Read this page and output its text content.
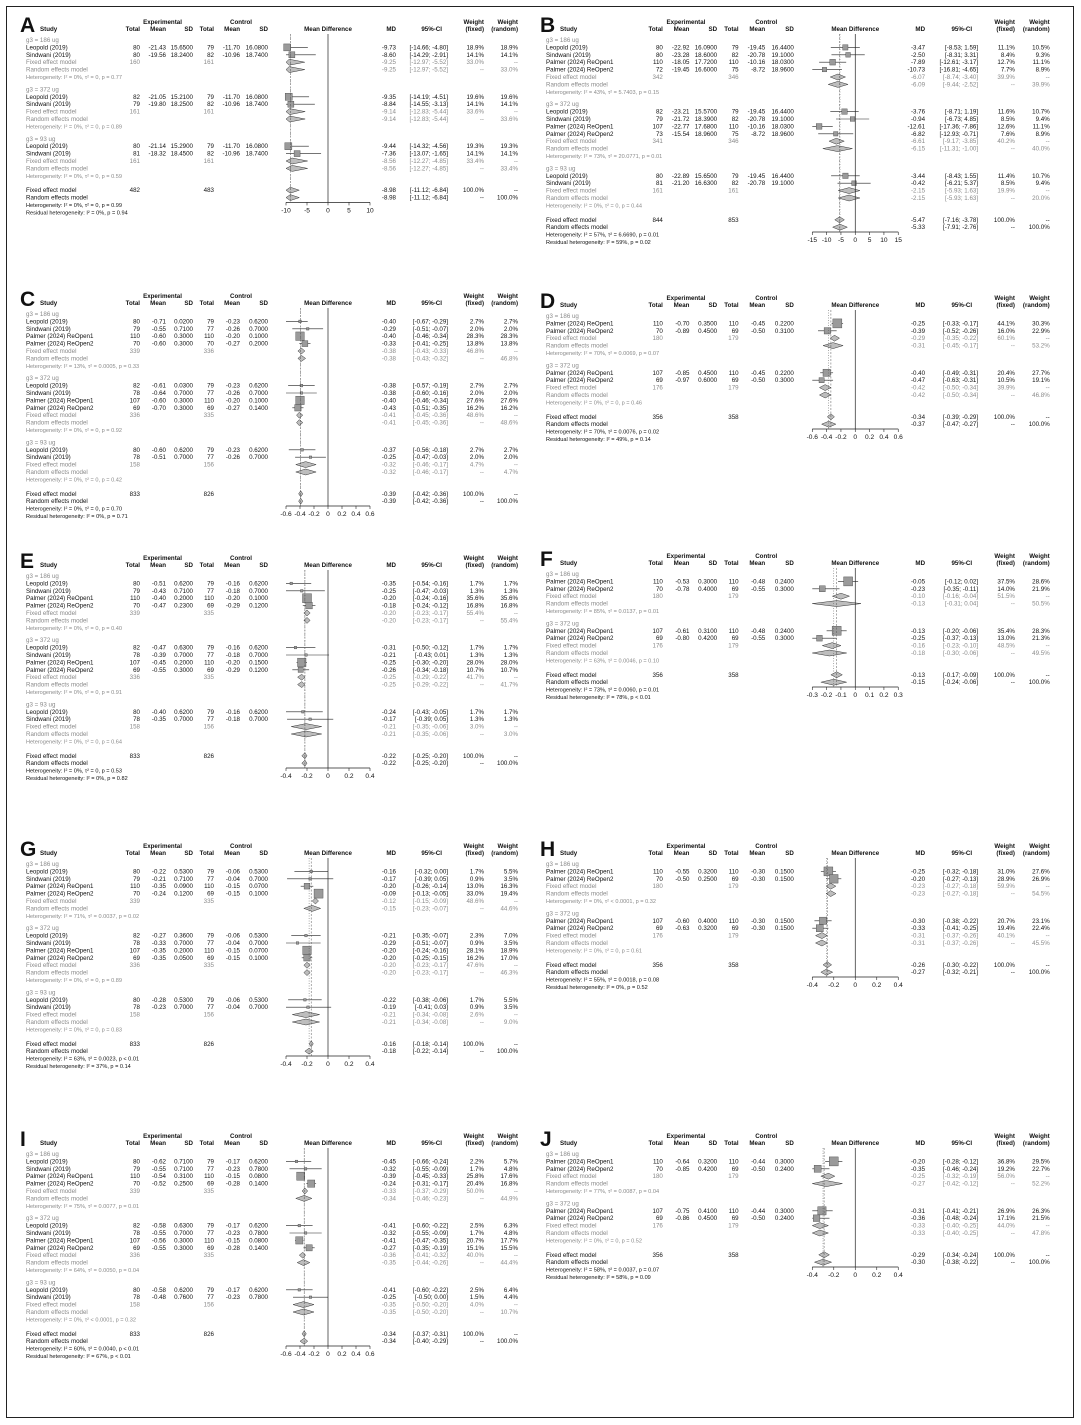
A	Experimental	Control
Study	Total Mean	SD Total Mean	SD	Mean Difference	MD	95%-CI
Weight
(fixed)
Weight
(random)
g3 = 186 ug
Leopold (2019)	80 -21.43 15.6500 79 -11.70 16.0800	-9.73 [-14.66; -4.80]	18.9%	18.9%
Sindwani (2019)	80 -19.56 18.2400 82 -10.96 18.7400	-8.60 [-14.29; -2.91]	14.1%	14.1%
Fixed effect model	160	161	-9.25 [-12.97; -5.52]	33.0%	--
Random effects model	-9.25 [-12.97; -5.52]	--	33.0%
Heterogeneity: I² = 0%, τ² = 0, p = 0.77
g3 = 372 ug
Leopold (2019)	82 -21.05 15.2100 79 -11.70 16.0800	-9.35 [-14.19; -4.51]	19.6%	19.6%
Sindwani (2019)	79 -19.80 18.2500 82 -10.96 18.7400	-8.84 [-14.55; -3.13]	14.1%	14.1%
Fixed effect model	161	161	-9.14 [-12.83; -5.44]	33.6%	--
Random effects model	-9.14 [-12.83; -5.44]	--	33.6%
Heterogeneity: I² = 0%, τ² = 0, p = 0.89
g3 = 93 ug
Leopold (2019)	80 -21.14 15.2900 79 -11.70 16.0800	-9.44 [-14.32; -4.56]	19.3%	19.3%
Sindwani (2019)	81 -18.32 18.4500 82 -10.96 18.7400	-7.36 [-13.07; -1.65]	14.1%	14.1%
Fixed effect model	161	161	-8.56 [-12.27; -4.85]	33.4%	--
Random effects model	-8.56 [-12.27; -4.85]	--	33.4%
Heterogeneity: I² = 0%, τ² = 0, p = 0.59
Fixed effect model	482	483	-8.98 [-11.12; -6.84] 100.0%	--
Random effects model	-8.98 [-11.12; -6.84]	-- 100.0%
Heterogeneity: I² = 0%, τ² = 0, p = 0.99
Residual heterogeneity: I² = 0%, p = 0.94	-10 -5 0	5 10
B	Experimental	Control
Study	Total Mean	SD Total Mean	SD	Mean Difference	MD	95%-CI
Weight
(fixed)
Weight
(random)
g3 = 186 ug
Leopold (2019)	80 -22.92 16.0900 79 -19.45 16.4400	-3.47	[-8.53; 1.59]	11.1%	10.5%
Sindwani (2019)	80 -23.28 18.6000 82 -20.78 19.1000	-2.50	[-8.31; 3.31]	8.4%	9.3%
Palmer (2024) ReOpen1	110 -18.05 17.7200 110 -10.16 18.0300	-7.89 [-12.61; -3.17]	12.7%	11.1%
Palmer (2024) ReOpen2	72 -19.45 16.6000 75 -8.72 18.9600	-10.73 [-16.81; -4.65]	7.7%	8.9%
Fixed effect model	342	346	-6.07	[-8.74; -3.40]	39.9%	--
Random effects model	-6.09	[-9.44; -2.52]	--	39.9%
Heterogeneity: I² = 43%, τ² = 5.7403, p = 0.15
g3 = 372 ug
Leopold (2019)	82 -23.21 15.5700 79 -19.45 16.4400	-3.76	[-8.71; 1.19]	11.6%	10.7%
Sindwani (2019)	79 -21.72 18.3900 82 -20.78 19.1000	-0.94	[-6.73; 4.85]	8.5%	9.4%
Palmer (2024) ReOpen1	107 -22.77 17.6800 110 -10.16 18.0300	-12.61 [-17.36; -7.86]	12.6%	11.1%
Palmer (2024) ReOpen2	73 -15.54 18.9600 75 -8.72 18.9600	-6.82 [-12.93; -0.71]	7.6%	8.9%
Fixed effect model	341	346	-6.61	[-9.17; -3.85]	40.2%	--
Random effects model	-6.15 [-11.31; -1.00]	--	40.0%
Heterogeneity: I² = 73%, τ² = 20.0771, p = 0.01
g3 = 93 ug
Leopold (2019)	80 -22.89 15.6500 79 -19.45 16.4400	-3.44	[-8.43; 1.55]	11.4%	10.7%
Sindwani (2019)	81 -21.20 16.6300 82 -20.78 19.1000	-0.42	[-6.21; 5.37]	8.5%	9.4%
Fixed effect model	161	161	-2.15	[-5.93; 1.63]	19.9%	--
Random effects model	-2.15	[-5.93; 1.63]	--	20.0%
Heterogeneity: I² = 0%, τ² = 0, p = 0.44
Fixed effect model	844	853	-5.47	[-7.16; -3.78]	100.0%	--
Random effects model	-5.33	[-7.91; -2.76]	-- 100.0%
Heterogeneity: I² = 57%, τ² = 6.6690, p = 0.01
Residual heterogeneity: I² = 59%, p = 0.02	-15 -10 -5 0 5 10 15
C	Experimental	Control
Study	Total Mean	SD Total Mean	SD	Mean Difference	MD	95%-CI
Weight
(fixed)
Weight
(random)
g3 = 186 ug
Leopold (2019)	80 -0.71 0.0200 79 -0.23 0.6200	-0.40	[-0.67; -0.29]	2.7%	2.7%
Sindwani (2019)	79 -0.55 0.7100 77 -0.26 0.7000	-0.29	[-0.51; -0.07]	2.0%	2.0%
Palmer (2024) ReOpen1	110 -0.60 0.3000 110 -0.20 0.1000	-0.40	[-0.46; -0.34]	28.3%	28.3%
Palmer (2024) ReOpen2	70 -0.60 0.3000 70 -0.27 0.2000	-0.33	[-0.41; -0.25]	13.8%	13.8%
Fixed effect model	339	336	-0.38	[-0.43; -0.33]	46.8%	--
Random effects model	-0.38	[-0.43; -0.32]	--	46.8%
Heterogeneity: I² = 13%, τ² = 0.0005, p = 0.33
g3 = 372 ug
Leopold (2019)	82 -0.61 0.0300 79 -0.23 0.6200	-0.38	[-0.57; -0.19]	2.7%	2.7%
Sindwani (2019)	78 -0.64 0.7000 77 -0.26 0.7000	-0.38	[-0.60; -0.16]	2.0%	2.0%
Palmer (2024) ReOpen1	107 -0.60 0.3000 110 -0.20 0.1000	-0.40	[-0.46; -0.34]	27.6%	27.6%
Palmer (2024) ReOpen2	69 -0.70 0.3000 69 -0.27 0.1400	-0.43	[-0.51; -0.35]	16.2%	16.2%
Fixed effect model	336	335	-0.41	[-0.45; -0.36]	48.6%	--
Random effects model	-0.41	[-0.45; -0.36]	--	48.6%
Heterogeneity: I² = 0%, τ² = 0, p = 0.92
g3 = 93 ug
Leopold (2019)	80 -0.60 0.6200 79 -0.23 0.6200	-0.37	[-0.56; -0.18]	2.7%	2.7%
Sindwani (2019)	78 -0.51 0.7000 77 -0.26 0.7000	-0.25	[-0.47; -0.03]	2.0%	2.0%
Fixed effect model	158	156	-0.32	[-0.46; -0.17]	4.7%	--
Random effects model	-0.32	[-0.46; -0.17]	--	4.7%
Heterogeneity: I² = 0%, τ² = 0, p = 0.42
Fixed effect model	833	826	-0.39	[-0.42; -0.36] 100.0%	--
Random effects model	-0.39	[-0.42; -0.36]	-- 100.0%
Heterogeneity: I² = 0%, τ² = 0, p = 0.70
Residual heterogeneity: I² = 0%, p = 0.71	-0.6 -0.4 -0.2 0 0.2 0.4 0.6
D	Experimental	Control
Study	Total Mean	SD Total Mean	SD	Mean Difference	MD	95%-CI
Weight
(fixed)
Weight
(random)
g3 = 186 ug
Palmer (2024) ReOpen1	110 -0.70 0.3500 110 -0.45 0.2200	-0.25	[-0.33; -0.17]	44.1%	30.3%
Palmer (2024) ReOpen2	70 -0.89 0.4500 69 -0.50 0.3100	-0.39	[-0.52; -0.26]	16.0%	22.9%
Fixed effect model	180	179	-0.29	[-0.35; -0.22]	60.1%	--
Random effects model	-0.31	[-0.45; -0.17]	--	53.2%
Heterogeneity: I² = 70%, τ² = 0.0069, p = 0.07
g3 = 372 ug
Palmer (2024) ReOpen1	107 -0.85 0.4500 110 -0.45 0.2200	-0.40	[-0.49; -0.31]	20.4%	27.7%
Palmer (2024) ReOpen2	69 -0.97 0.6000 69 -0.50 0.3000	-0.47	[-0.63; -0.31]	10.5%	19.1%
Fixed effect model	176	179	-0.42	[-0.50; -0.34]	39.9%	--
Random effects model	-0.42	[-0.50; -0.34]	--	46.8%
Heterogeneity: I² = 0%, τ² = 0, p = 0.46
Fixed effect model	356	358	-0.34	[-0.39; -0.29]	100.0%	--
Random effects model	-0.37	[-0.47; -0.27]	-- 100.0%
Heterogeneity: I² = 70%, τ² = 0.0076, p = 0.02
Residual heterogeneity: I² = 49%, p = 0.14	-0.6 -0.4 -0.2 0 0.2 0.4 0.6
E	Experimental	Control
Study	Total Mean	SD Total Mean	SD	Mean Difference	MD	95%-CI
Weight
(fixed)
Weight
(random)
g3 = 186 ug
Leopold (2019)	80 -0.51 0.6200 79 -0.16 0.6200	-0.35	[-0.54; -0.16]	1.7%	1.7%
Sindwani (2019)	79 -0.43 0.7100 77 -0.18 0.7000	-0.25	[-0.47; -0.03]	1.3%	1.3%
Palmer (2024) ReOpen1	110 -0.40 0.2000 110 -0.20 0.1000	-0.20	[-0.24; -0.16]	35.6%	35.6%
Palmer (2024) ReOpen2	70 -0.47 0.2300 69 -0.29 0.1200	-0.18	[-0.24; -0.12]	16.8%	16.8%
Fixed effect model	339	335	-0.20	[-0.23; -0.17]	55.4%	--
Random effects model	-0.20	[-0.23; -0.17]	--	55.4%
Heterogeneity: I² = 0%, τ² = 0, p = 0.40
g3 = 372 ug
Leopold (2019)	82 -0.47 0.6300 79 -0.16 0.6200	-0.31	[-0.50; -0.12]	1.7%	1.7%
Sindwani (2019)	78 -0.39 0.7000 77 -0.18 0.7000	-0.21	[-0.43; 0.01]	1.3%	1.3%
Palmer (2024) ReOpen1	107 -0.45 0.2000 110 -0.20 0.1500	-0.25	[-0.30; -0.20]	28.0%	28.0%
Palmer (2024) ReOpen2	69 -0.55 0.3000 69 -0.29 0.1200	-0.26	[-0.34; -0.18]	10.7%	10.7%
Fixed effect model	336	335	-0.25	[-0.29; -0.22]	41.7%	--
Random effects model	-0.25	[-0.29; -0.22]	--	41.7%
Heterogeneity: I² = 0%, τ² = 0, p = 0.91
g3 = 93 ug
Leopold (2019)	80 -0.40 0.6200 79 -0.16 0.6200	-0.24	[-0.43; -0.05]	1.7%	1.7%
Sindwani (2019)	78 -0.35 0.7000 77 -0.18 0.7000	-0.17	[-0.39; 0.05]	1.3%	1.3%
Fixed effect model	158	156	-0.21	[-0.35; -0.06]	3.0%	--
Random effects model	-0.21	[-0.35; -0.06]	--	3.0%
Heterogeneity: I² = 0%, τ² = 0, p = 0.64
Fixed effect model	833	826	-0.22	[-0.25; -0.20] 100.0%	--
Random effects model	-0.22	[-0.25; -0.20]	-- 100.0%
Heterogeneity: I² = 0%, τ² = 0, p = 0.53
Residual heterogeneity: I² = 0%, p = 0.82	-0.4 -0.2 0 0.2 0.4
F	Experimental	Control
Study	Total Mean	SD Total Mean	SD	Mean Difference	MD	95%-CI
Weight
(fixed)
Weight
(random)
g3 = 186 ug
Palmer (2024) ReOpen1	110 -0.53 0.3000 110 -0.48 0.2400	-0.05	[-0.12; 0.02]	37.5%	28.6%
Palmer (2024) ReOpen2	70 -0.78 0.4000 69 -0.55 0.3000	-0.23	[-0.35; -0.11]	14.0%	21.9%
Fixed effect model	180	179	-0.10	[-0.16; -0.04]	51.5%	--
Random effects model	-0.13	[-0.31; 0.04]	--	50.5%
Heterogeneity: I² = 85%, τ² = 0.0137, p = 0.01
g3 = 372 ug
Palmer (2024) ReOpen1	107 -0.61 0.3100 110 -0.48 0.2400	-0.13	[-0.20; -0.06]	35.4%	28.3%
Palmer (2024) ReOpen2	69 -0.80 0.4200 69 -0.55 0.3000	-0.25	[-0.37; -0.13]	13.0%	21.3%
Fixed effect model	176	179	-0.16	[-0.23; -0.10]	48.5%	--
Random effects model	-0.18	[-0.30; -0.06]	--	49.5%
Heterogeneity: I² = 63%, τ² = 0.0046, p = 0.10
Fixed effect model	356	358	-0.13	[-0.17; -0.09]	100.0%	--
Random effects model	-0.15	[-0.24; -0.06]	-- 100.0%
Heterogeneity: I² = 73%, τ² = 0.0060, p = 0.01
Residual heterogeneity: I² = 78%, p < 0.01	-0.3 -0.2 -0.1 0 0.1 0.2 0.3
G	Experimental	Control
Study	Total Mean	SD Total Mean	SD	Mean Difference	MD	95%-CI
Weight
(fixed)
Weight
(random)
g3 = 186 ug
Leopold (2019)	80 -0.22 0.5300 79 -0.06 0.5300	-0.16	[-0.32; 0.00]	1.7%	5.5%
Sindwani (2019)	79 -0.21 0.7100 77 -0.04 0.7000	-0.17	[-0.39; 0.05]	0.9%	3.5%
Palmer (2024) ReOpen1	110 -0.35 0.0900 110 -0.15 0.0700	-0.20	[-0.26; -0.14]	13.0%	16.3%
Palmer (2024) ReOpen2	70 -0.24 0.1200 69 -0.15 0.1000	-0.09	[-0.13; -0.05]	33.0%	19.4%
Fixed effect model	339	335	-0.12	[-0.15; -0.09]	48.6%	--
Random effects model	-0.15	[-0.23; -0.07]	--	44.6%
Heterogeneity: I² = 71%, τ² = 0.0037, p = 0.02
g3 = 372 ug
Leopold (2019)	82 -0.27 0.3600 79 -0.06 0.5300	-0.21	[-0.35; -0.07]	2.3%	7.0%
Sindwani (2019)	78 -0.33 0.7000 77 -0.04 0.7000	-0.29	[-0.51; -0.07]	0.9%	3.5%
Palmer (2024) ReOpen1	107 -0.35 0.2000 110 -0.15 0.0700	-0.20	[-0.24; -0.16]	28.1%	18.9%
Palmer (2024) ReOpen2	69 -0.35 0.0500 69 -0.15 0.1000	-0.20	[-0.25; -0.15]	16.2%	17.0%
Fixed effect model	336	335	-0.20	[-0.23; -0.17]	47.6%	--
Random effects model	-0.20	[-0.23; -0.17]	--	46.3%
Heterogeneity: I² = 0%, τ² = 0, p = 0.89
g3 = 93 ug
Leopold (2019)	80 -0.28 0.5300 79 -0.06 0.5300	-0.22	[-0.38; -0.06]	1.7%	5.5%
Sindwani (2019)	78 -0.23 0.7000 77 -0.04 0.7000	-0.19	[-0.41; 0.03]	0.9%	3.5%
Fixed effect model	158	156	-0.21	[-0.34; -0.08]	2.6%	--
Random effects model	-0.21	[-0.34; -0.08]	--	9.0%
Heterogeneity: I² = 0%, τ² = 0, p = 0.83
Fixed effect model	833	826	-0.16	[-0.18; -0.14] 100.0%	--
Random effects model	-0.18	[-0.22; -0.14]	-- 100.0%
Heterogeneity: I² = 63%, τ² = 0.0023, p < 0.01
Residual heterogeneity: I² = 37%, p = 0.14	-0.4 -0.2 0 0.2 0.4
H	Experimental	Control
Study	Total Mean	SD Total Mean	SD	Mean Difference	MD	95%-CI
Weight
(fixed)
Weight
(random)
g3 = 186 ug
Palmer (2024) ReOpen1	110 -0.55 0.3200 110 -0.30 0.1500	-0.25	[-0.32; -0.18]	31.0%	27.6%
Palmer (2024) ReOpen2	70 -0.50 0.2500 69 -0.30 0.1500	-0.20	[-0.27; -0.13]	28.9%	26.9%
Fixed effect model	180	179	-0.23	[-0.27; -0.18]	59.9%	--
Random effects model	-0.23	[-0.27; -0.18]	--	54.5%
Heterogeneity: I² = 0%, τ² < 0.0001, p = 0.32
g3 = 372 ug
Palmer (2024) ReOpen1	107 -0.60 0.4000 110 -0.30 0.1500	-0.30	[-0.38; -0.22]	20.7%	23.1%
Palmer (2024) ReOpen2	69 -0.63 0.3200 69 -0.30 0.1500	-0.33	[-0.41; -0.25]	19.4%	22.4%
Fixed effect model	176	179	-0.31	[-0.37; -0.26]	40.1%	--
Random effects model	-0.31	[-0.37; -0.26]	--	45.5%
Heterogeneity: I² = 0%, τ² = 0, p = 0.61
Fixed effect model	356	358	-0.26	[-0.30; -0.22]	100.0%	--
Random effects model	-0.27	[-0.32; -0.21]	-- 100.0%
Heterogeneity: I² = 55%, τ² = 0.0018, p = 0.08
Residual heterogeneity: I² = 0%, p = 0.52	-0.4 -0.2 0 0.2 0.4
I	Experimental	Control
Study	Total Mean	SD Total Mean	SD	Mean Difference	MD	95%-CI
Weight
(fixed)
Weight
(random)
g3 = 186 ug
Leopold (2019)	80 -0.62 0.7100 79 -0.17 0.6200	-0.45	[-0.66; -0.24]	2.2%	5.7%
Sindwani (2019)	79 -0.55 0.7100 77 -0.23 0.7800	-0.32	[-0.55; -0.09]	1.7%	4.8%
Palmer (2024) ReOpen1	110 -0.54 0.3100 110 -0.15 0.0800	-0.39	[-0.45; -0.33]	25.8%	17.6%
Palmer (2024) ReOpen2	70 -0.52 0.2500 69 -0.28 0.1400	-0.24	[-0.31; -0.17]	20.4%	16.8%
Fixed effect model	339	335	-0.33	[-0.37; -0.29]	50.0%	--
Random effects model	-0.34	[-0.46; -0.23]	--	44.9%
Heterogeneity: I² = 75%, τ² = 0.0077, p = 0.01
g3 = 372 ug
Leopold (2019)	82 -0.58 0.6300 79 -0.17 0.6200	-0.41	[-0.60; -0.22]	2.5%	6.3%
Sindwani (2019)	78 -0.55 0.7000 77 -0.23 0.7800	-0.32	[-0.55; -0.09]	1.7%	4.8%
Palmer (2024) ReOpen1	107 -0.56 0.3000 110 -0.15 0.0800	-0.41	[-0.47; -0.35]	20.7%	17.7%
Palmer (2024) ReOpen2	69 -0.55 0.3000 69 -0.28 0.1400	-0.27	[-0.35; -0.19]	15.1%	15.5%
Fixed effect model	336	335	-0.36	[-0.41; -0.32]	40.0%	--
Random effects model	-0.35	[-0.44; -0.26]	--	44.4%
Heterogeneity: I² = 64%, τ² = 0.0050, p = 0.04
g3 = 93 ug
Leopold (2019)	80 -0.58 0.6200 79 -0.17 0.6200	-0.41	[-0.60; -0.22]	2.5%	6.4%
Sindwani (2019)	78 -0.48 0.7600 77 -0.23 0.7800	-0.25	[-0.50; 0.00]	1.5%	4.4%
Fixed effect model	158	156	-0.35	[-0.50; -0.20]	4.0%	--
Random effects model	-0.35	[-0.50; -0.20]	--	10.7%
Heterogeneity: I² = 0%, τ² < 0.0001, p = 0.32
Fixed effect model	833	826	-0.34	[-0.37; -0.31] 100.0%	--
Random effects model	-0.34	[-0.40; -0.29]	-- 100.0%
Heterogeneity: I² = 60%, τ² = 0.0040, p < 0.01
Residual heterogeneity: I² = 67%, p < 0.01	-0.6 -0.4 -0.2 0 0.2 0.4 0.6
J	Experimental	Control
Study	Total Mean	SD Total Mean	SD	Mean Difference	MD	95%-CI
Weight
(fixed)
Weight
(random)
g3 = 186 ug
Palmer (2024) ReOpen1	110 -0.64 0.3200 110 -0.44 0.3000	-0.20	[-0.28; -0.12]	36.8%	29.5%
Palmer (2024) ReOpen2	70 -0.85 0.4200 69 -0.50 0.2400	-0.35	[-0.46; -0.24]	19.2%	22.7%
Fixed effect model	180	179	-0.25	[-0.32; -0.19]	56.0%	--
Random effects model	-0.27	[-0.42; -0.12]	--	52.2%
Heterogeneity: I² = 77%, τ² = 0.0087, p = 0.04
g3 = 372 ug
Palmer (2024) ReOpen1	107 -0.75 0.4100 110 -0.44 0.3000	-0.31	[-0.41; -0.21]	26.9%	26.3%
Palmer (2024) ReOpen2	69 -0.86 0.4500 69 -0.50 0.2400	-0.36	[-0.48; -0.24]	17.1%	21.5%
Fixed effect model	176	179	-0.33	[-0.40; -0.25]	44.0%	--
Random effects model	-0.33	[-0.40; -0.25]	--	47.8%
Heterogeneity: I² = 0%, τ² = 0, p = 0.52
Fixed effect model	356	358	-0.29	[-0.34; -0.24]	100.0%	--
Random effects model	-0.30	[-0.38; -0.22]	-- 100.0%
Heterogeneity: I² = 58%, τ² = 0.0037, p = 0.07
Residual heterogeneity: I² = 58%, p = 0.09	-0.4 -0.2 0 0.2 0.4
